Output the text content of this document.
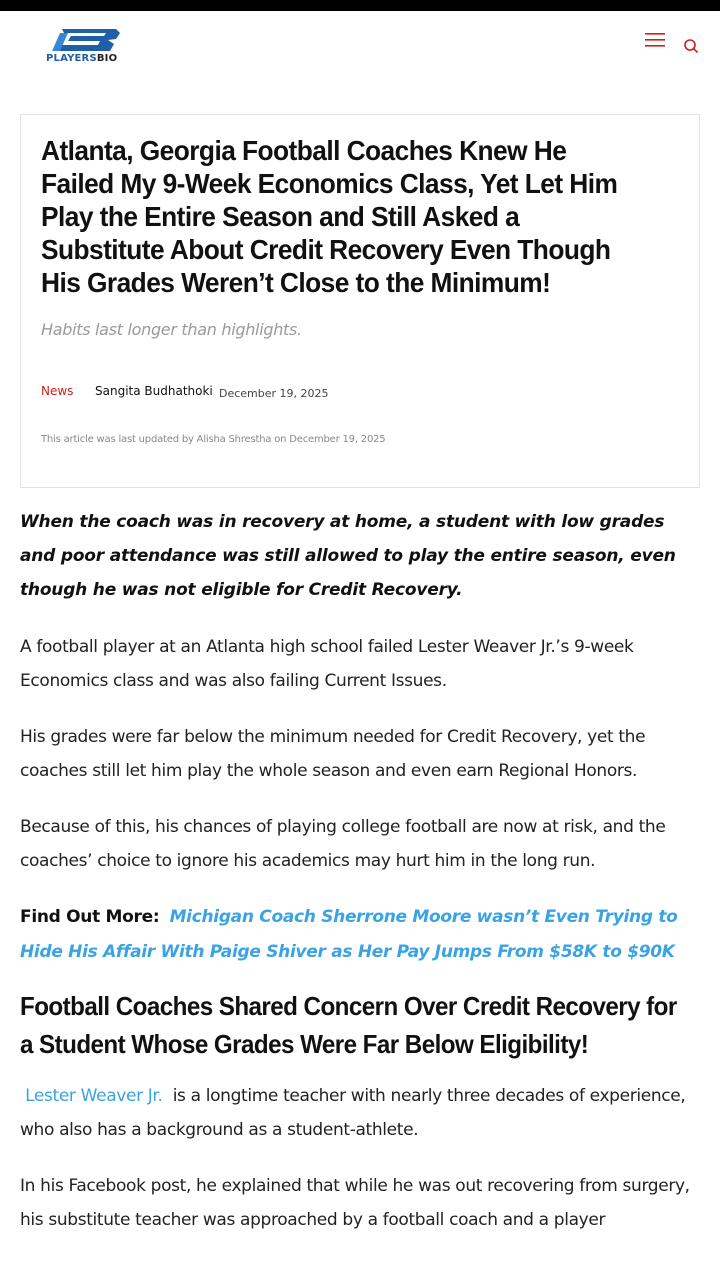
PLAYERSBIO
Atlanta, Georgia Football Coaches Knew He Failed My 9-Week Economics Class, Yet Let Him Play the Entire Season and Still Asked a Substitute About Credit Recovery Even Though His Grades Weren’t Close to the Minimum!
Habits last longer than highlights.
News Sangita Budhathoki December 19, 2025
This article was last updated by Alisha Shrestha on December 19, 2025

When the coach was in recovery at home, a student with low grades and poor attendance was still allowed to play the entire season, even though he was not eligible for Credit Recovery.

A football player at an Atlanta high school failed Lester Weaver Jr.’s 9-week Economics class and was also failing Current Issues.

His grades were far below the minimum needed for Credit Recovery, yet the coaches still let him play the whole season and even earn Regional Honors.

Because of this, his chances of playing college football are now at risk, and the coaches’ choice to ignore his academics may hurt him in the long run.

Find Out More: Michigan Coach Sherrone Moore wasn’t Even Trying to Hide His Affair With Paige Shiver as Her Pay Jumps From $58K to $90K

Football Coaches Shared Concern Over Credit Recovery for a Student Whose Grades Were Far Below Eligibility!

Lester Weaver Jr. is a longtime teacher with nearly three decades of experience, who also has a background as a student-athlete.

In his Facebook post, he explained that while he was out recovering from surgery, his substitute teacher was approached by a football coach and a player
